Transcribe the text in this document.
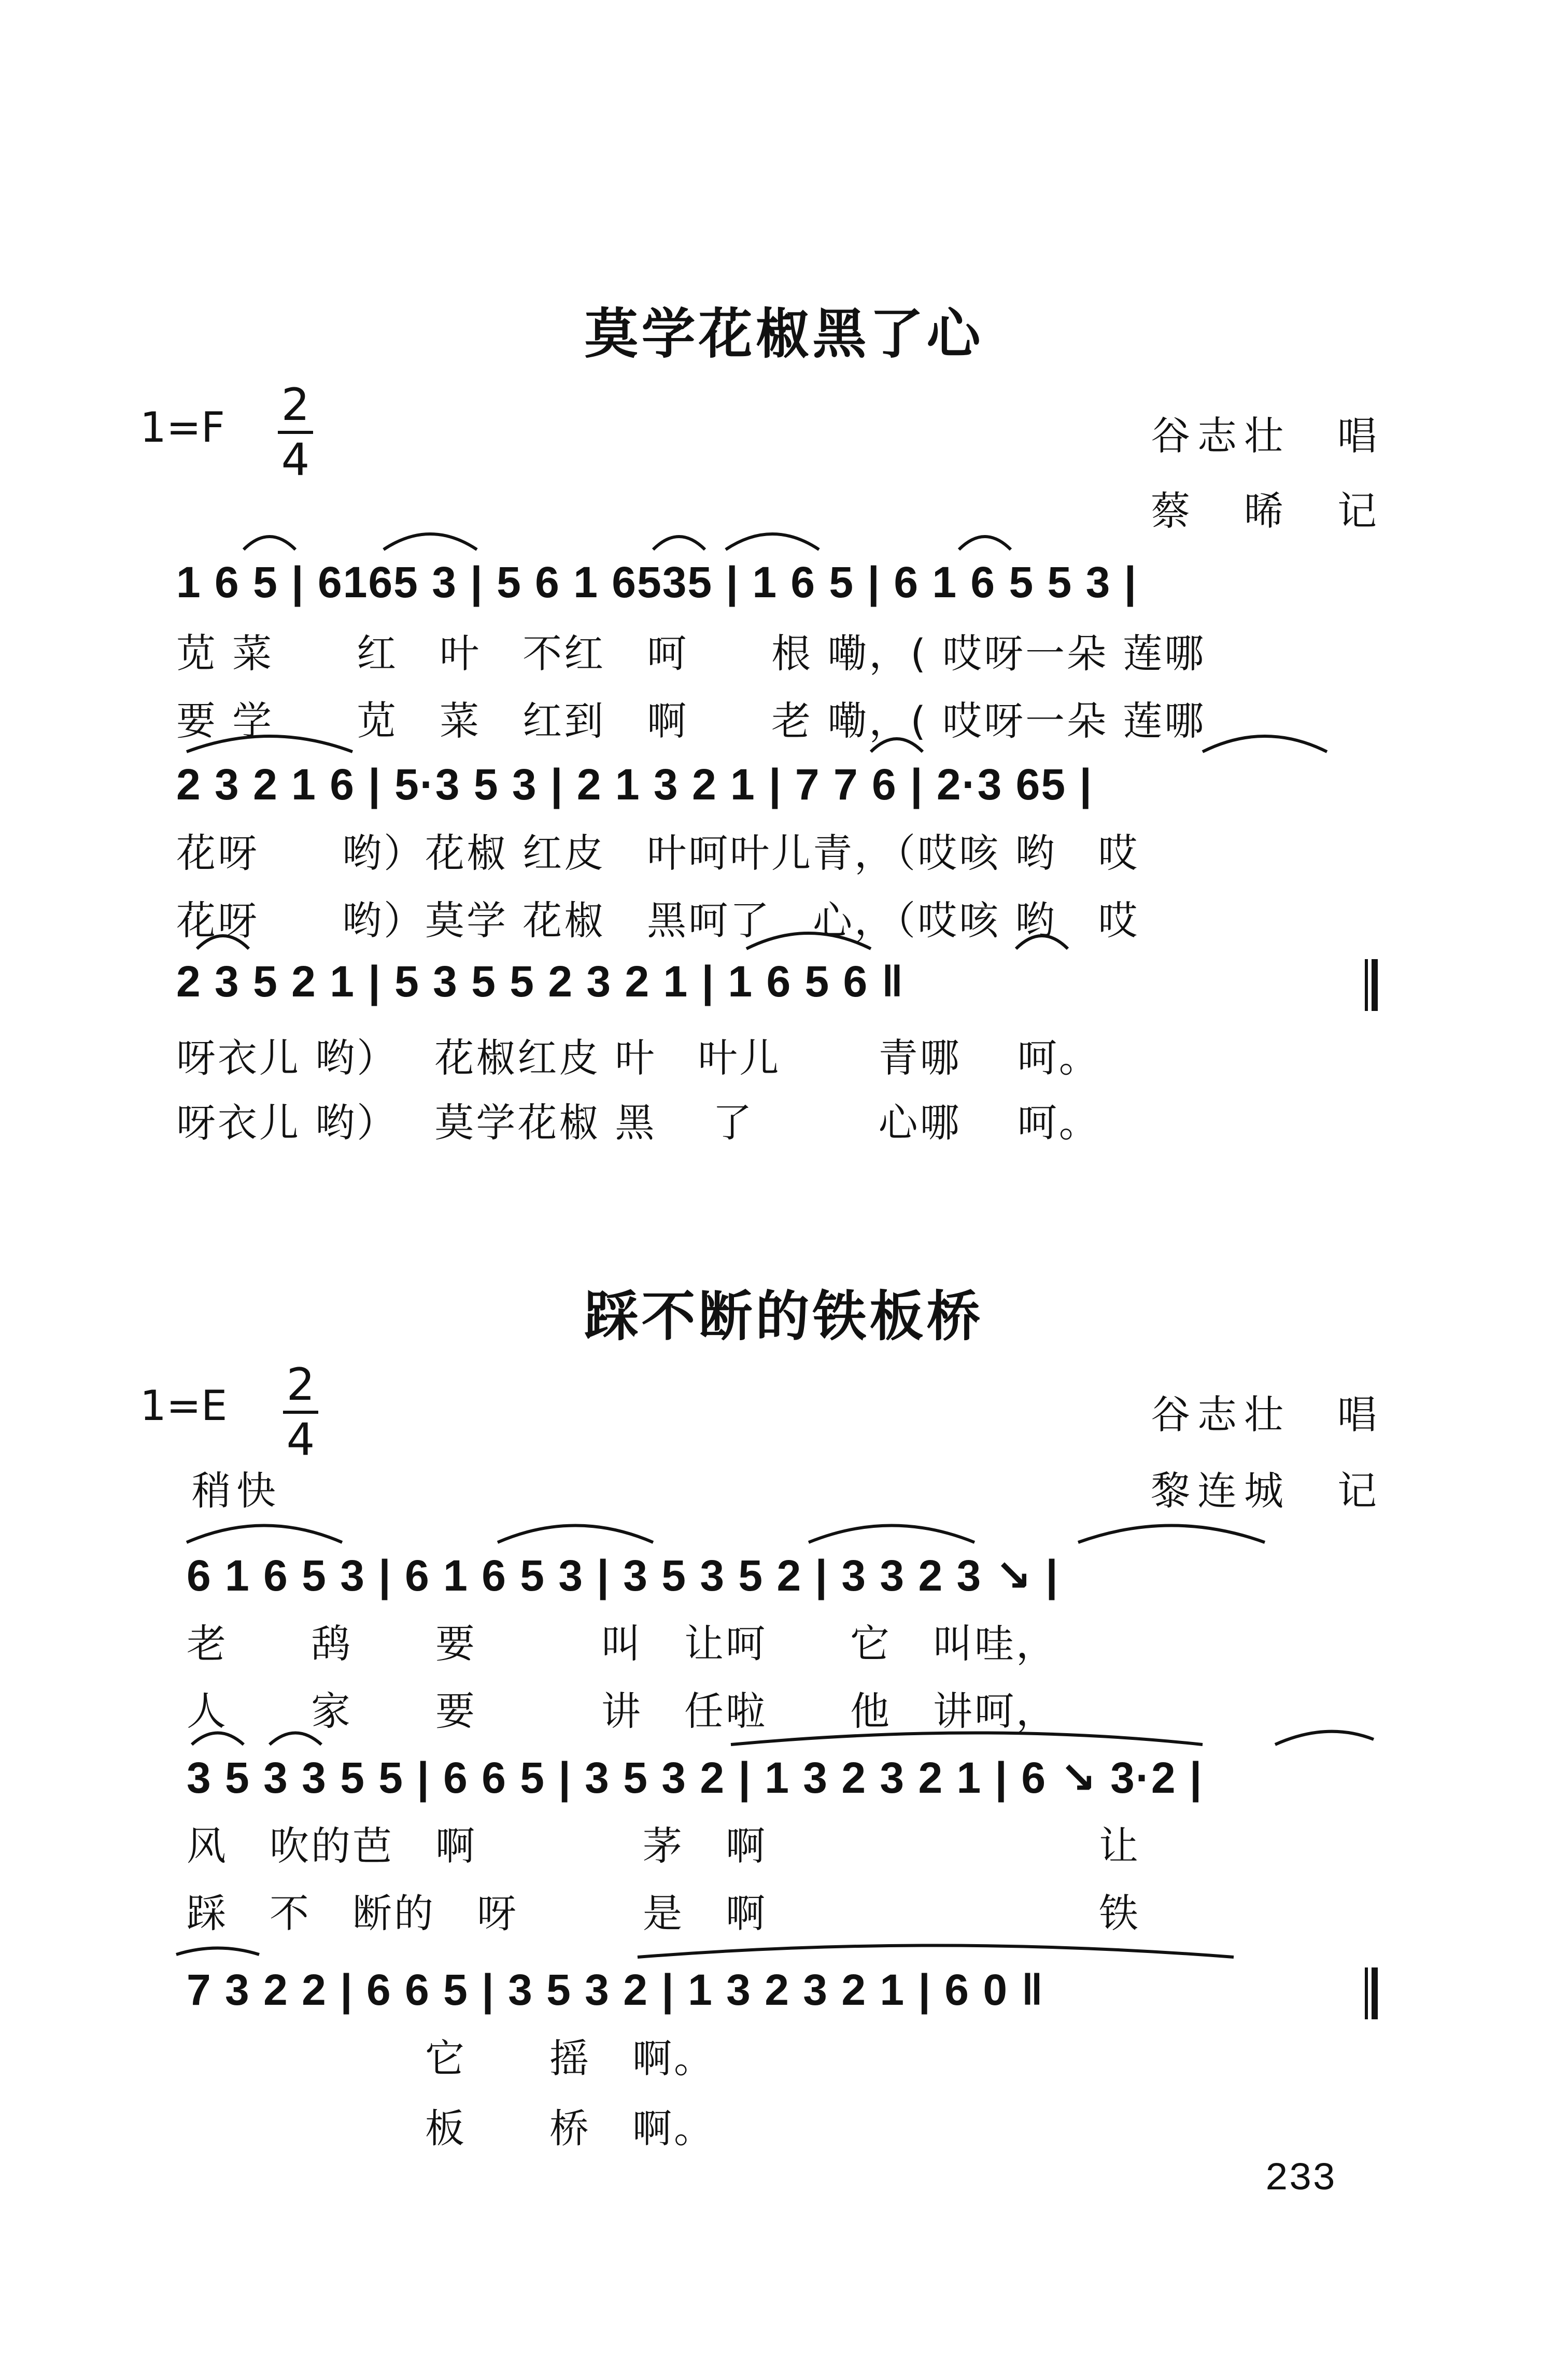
莫学花椒黑了心
1=F 2
4	谷志壮　唱
蔡　晞　记
1 6 5 | 6165 3 | 5 6 1 6535 | 1 6 5 | 6 1 6 5 5 3 |
苋 菜　　红　叶　不红　呵　　根 嘞，( 哎呀一朵 莲哪
要 学　　苋　菜　红到　啊　　老 嘞，( 哎呀一朵 莲哪
2 3 2 1 6 | 5·3 5 3 | 2 1 3 2 1 | 7 7 6 | 2·3 65 |
花呀　　哟）花椒 红皮　叶呵叶儿青，（哎咳 哟　哎
花呀　　哟）莫学 花椒　黑呵了　心，（哎咳 哟　哎
2 3 5 2 1 | 5 3 5 5 2 3 2 1 | 1 6 5 6 ‖
呀衣儿 哟）　 花椒红皮 叶　叶儿　　 青哪　 呵。
呀衣儿 哟）　 莫学花椒 黑　 了　　　心哪　 呵。
踩不断的铁板桥
1=E 2
4	谷志壮　唱
稍快	黎连城　记
6 1 6 5 3 | 6 1 6 5 3 | 3 5 3 5 2 | 3 3 2 3 ↘ |
老　　鸹　　要　　　叫　让呵　　它　叫哇，
人　　家　　要　　　讲　任啦　　他　讲呵，
3 5 3 3 5 5 | 6 6 5 | 3 5 3 2 | 1 3 2 3 2 1 | 6 ↘ 3·2 |
风　吹的芭　啊　　　　茅　啊　　　　　　　　让
踩　不　断的　呀　　　是　啊　　　　　　　　铁
7 3 2 2 | 6 6 5 | 3 5 3 2 | 1 3 2 3 2 1 | 6 0 ‖
它　　摇　啊。
板　　桥　啊。
233
